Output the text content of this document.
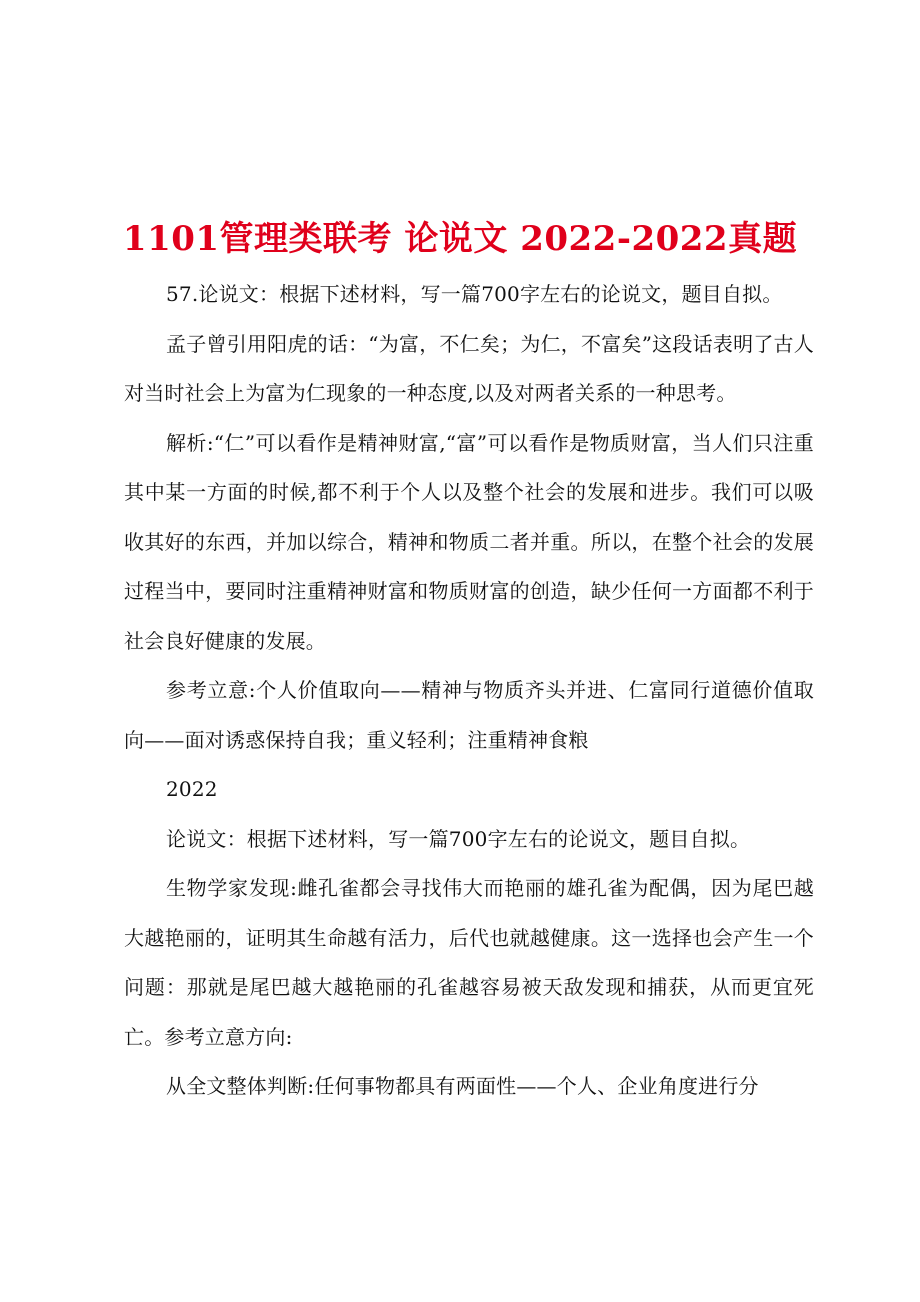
1101管理类联考 论说文 2022-2022真题

57.论说文：根据下述材料，写一篇700字左右的论说文，题目自拟。

孟子曾引用阳虎的话：“为富，不仁矣；为仁，不富矣”这段话表明了古人对当时社会上为富为仁现象的一种态度,以及对两者关系的一种思考。

解析:“仁”可以看作是精神财富,“富”可以看作是物质财富，当人们只注重其中某一方面的时候,都不利于个人以及整个社会的发展和进步。我们可以吸收其好的东西，并加以综合，精神和物质二者并重。所以，在整个社会的发展过程当中，要同时注重精神财富和物质财富的创造，缺少任何一方面都不利于社会良好健康的发展。

参考立意:个人价值取向——精神与物质齐头并进、仁富同行道德价值取向——面对诱惑保持自我；重义轻利；注重精神食粮

2022

论说文：根据下述材料，写一篇700字左右的论说文，题目自拟。

生物学家发现:雌孔雀都会寻找伟大而艳丽的雄孔雀为配偶，因为尾巴越大越艳丽的，证明其生命越有活力，后代也就越健康。这一选择也会产生一个问题：那就是尾巴越大越艳丽的孔雀越容易被天敌发现和捕获，从而更宜死亡。参考立意方向:

从全文整体判断:任何事物都具有两面性——个人、企业角度进行分
